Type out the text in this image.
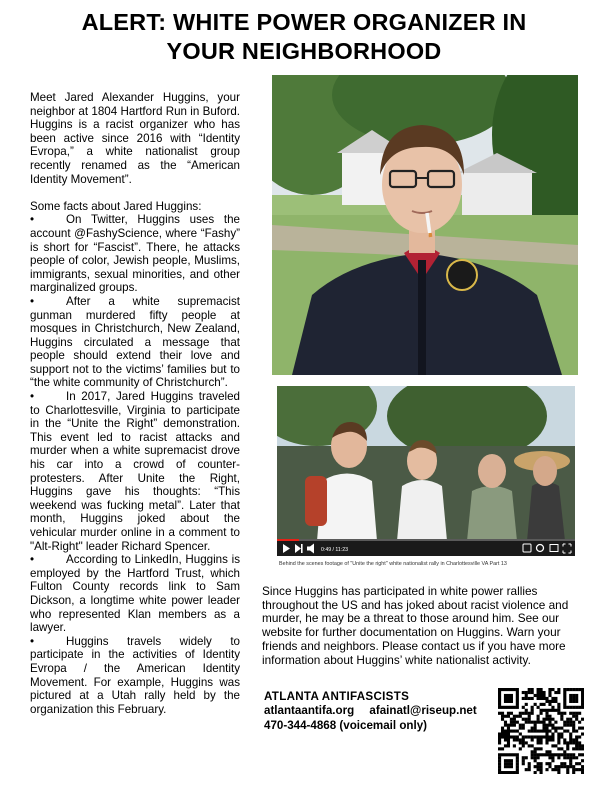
ALERT: WHITE POWER ORGANIZER IN
YOUR NEIGHBORHOOD

Meet Jared Alexander Huggins, your neighbor at 1804 Hartford Run in Buford. Huggins is a racist organizer who has been active since 2016 with “Identity Evropa,” a white nationalist group recently renamed as the “American Identity Movement”.

Some facts about Jared Huggins:

•	On Twitter, Huggins uses the account @FashyScience, where “Fashy” is short for “Fascist”. There, he attacks people of color, Jewish people, Muslims, immigrants, sexual minorities, and other marginalized groups.

•	After a white supremacist gunman murdered fifty people at mosques in Christchurch, New Zealand, Huggins circulated a message that people should extend their love and support not to the victims’ families but to “the white community of Christchurch”.

•	In 2017, Jared Huggins traveled to Charlottesville, Virginia to participate in the “Unite the Right” demonstration. This event led to racist attacks and murder when a white supremacist drove his car into a crowd of counter-protesters. After Unite the Right, Huggins gave his thoughts: “This weekend was fucking metal”. Later that month, Huggins joked about the vehicular murder online in a comment to "Alt-Right" leader Richard Spencer.

•	According to LinkedIn, Huggins is employed by the Hartford Trust, which Fulton County records link to Sam Dickson, a longtime white power leader who represented Klan members as a lawyer.

•	Huggins travels widely to participate in the activities of Identity Evropa / the American Identity Movement. For example, Huggins was pictured at a Utah rally held by the organization this February.

0:49 / 11:23
Behind the scenes footage of "Unite the right" white nationalist rally in Charlottesville VA Part 13

Since Huggins has participated in white power rallies throughout the US and has joked about racist violence and murder, he may be a threat to those around him. See our website for further documentation on Huggins. Warn your friends and neighbors. Please contact us if you have more information about Huggins’ white nationalist activity.

ATLANTA ANTIFASCISTS
atlantaantifa.org afainatl@riseup.net
470-344-4868 (voicemail only)
